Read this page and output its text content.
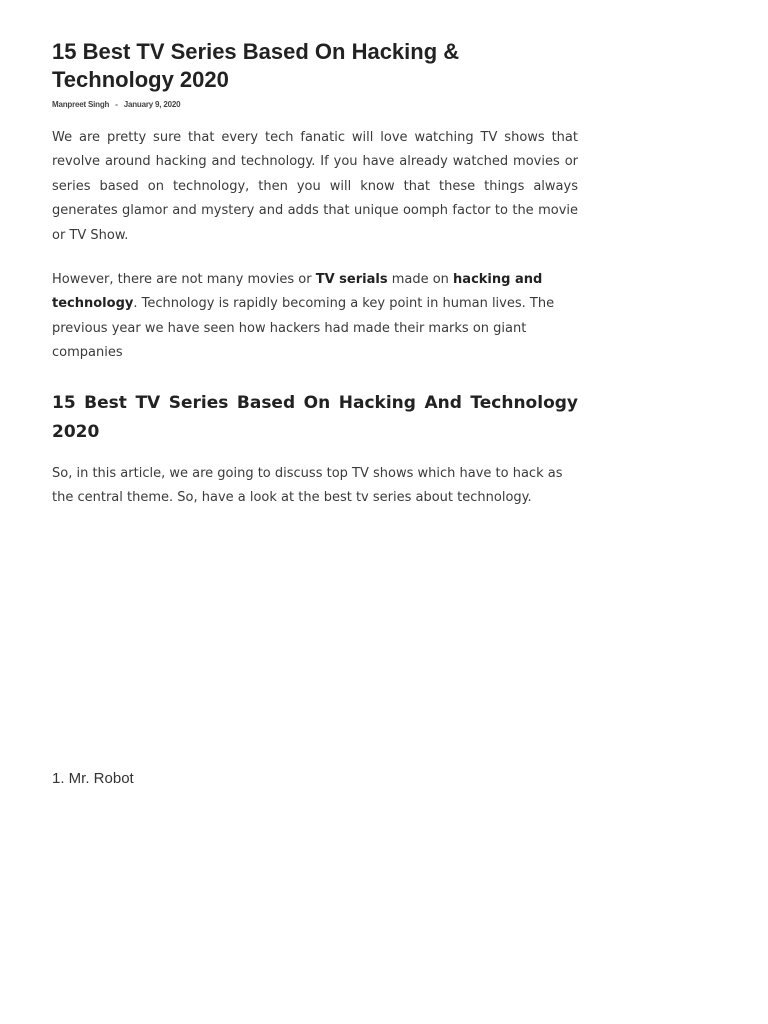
15 Best TV Series Based On Hacking & Technology 2020
Manpreet Singh - January 9, 2020

We are pretty sure that every tech fanatic will love watching TV shows that revolve around hacking and technology. If you have already watched movies or series based on technology, then you will know that these things always generates glamor and mystery and adds that unique oomph factor to the movie or TV Show.

However, there are not many movies or TV serials made on hacking and technology. Technology is rapidly becoming a key point in human lives. The previous year we have seen how hackers had made their marks on giant companies

15 Best TV Series Based On Hacking And Technology 2020

So, in this article, we are going to discuss top TV shows which have to hack as the central theme. So, have a look at the best tv series about technology.

1. Mr. Robot
